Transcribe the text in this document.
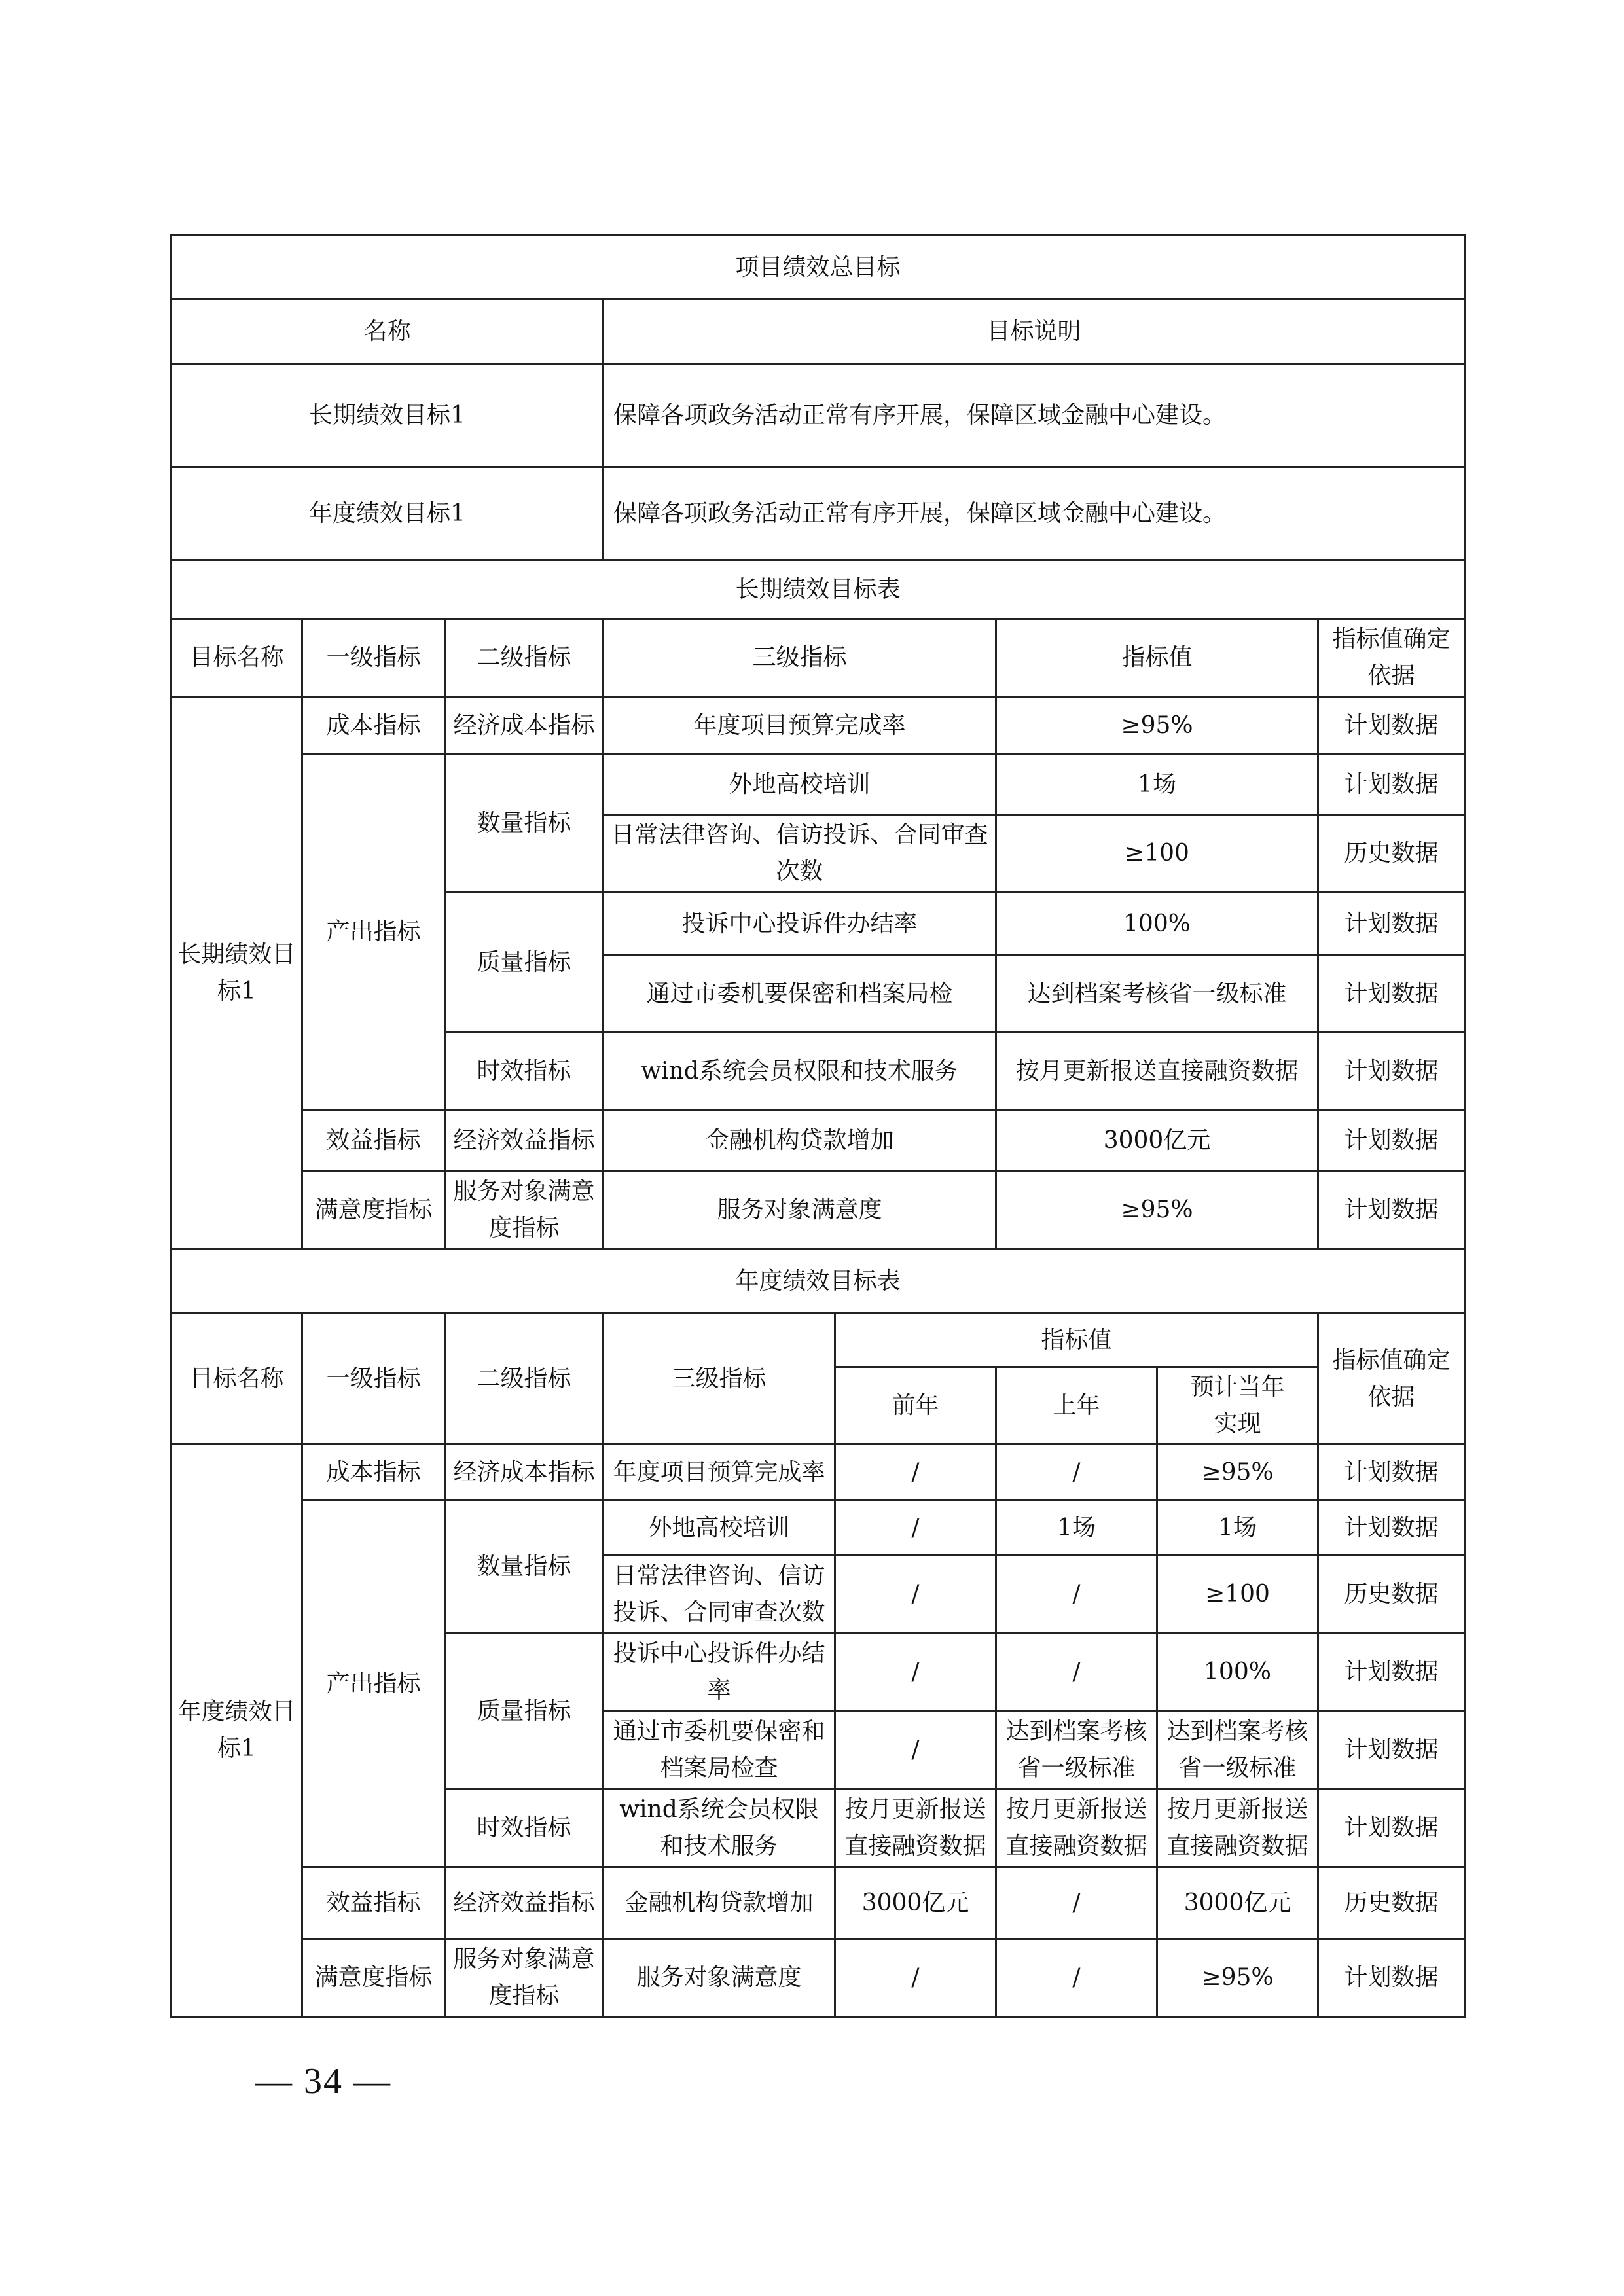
项目绩效总目标							
名称			目标说明				
长期绩效目标1			保障各项政务活动正常有序开展，保障区域金融中心建设。				
年度绩效目标1			保障各项政务活动正常有序开展，保障区域金融中心建设。				
长期绩效目标表							
目标名称	一级指标	二级指标	三级指标		指标值		指标值确定依据
长期绩效目标1	成本指标	经济成本指标	年度项目预算完成率		≥95%		计划数据
	产出指标	数量指标	外地高校培训		1场		计划数据
			日常法律咨询、信访投诉、合同审查次数		≥100		历史数据
		质量指标	投诉中心投诉件办结率		100%		计划数据
			通过市委机要保密和档案局检		达到档案考核省一级标准		计划数据
		时效指标	wind系统会员权限和技术服务		按月更新报送直接融资数据		计划数据
	效益指标	经济效益指标	金融机构贷款增加		3000亿元		计划数据
	满意度指标	服务对象满意度指标	服务对象满意度		≥95%		计划数据
年度绩效目标表							
目标名称	一级指标	二级指标	三级指标	指标值			指标值确定依据
				前年	上年	预计当年实现	
年度绩效目标1	成本指标	经济成本指标	年度项目预算完成率	/	/	≥95%	计划数据
	产出指标	数量指标	外地高校培训	/	1场	1场	计划数据
			日常法律咨询、信访投诉、合同审查次数	/	/	≥100	历史数据
		质量指标	投诉中心投诉件办结率	/	/	100%	计划数据
			通过市委机要保密和档案局检查	/	达到档案考核省一级标准	达到档案考核省一级标准	计划数据
		时效指标	wind系统会员权限和技术服务	按月更新报送直接融资数据	按月更新报送直接融资数据	按月更新报送直接融资数据	计划数据
	效益指标	经济效益指标	金融机构贷款增加	3000亿元	/	3000亿元	历史数据
	满意度指标	服务对象满意度指标	服务对象满意度	/	/	≥95%	计划数据
— 34 —
